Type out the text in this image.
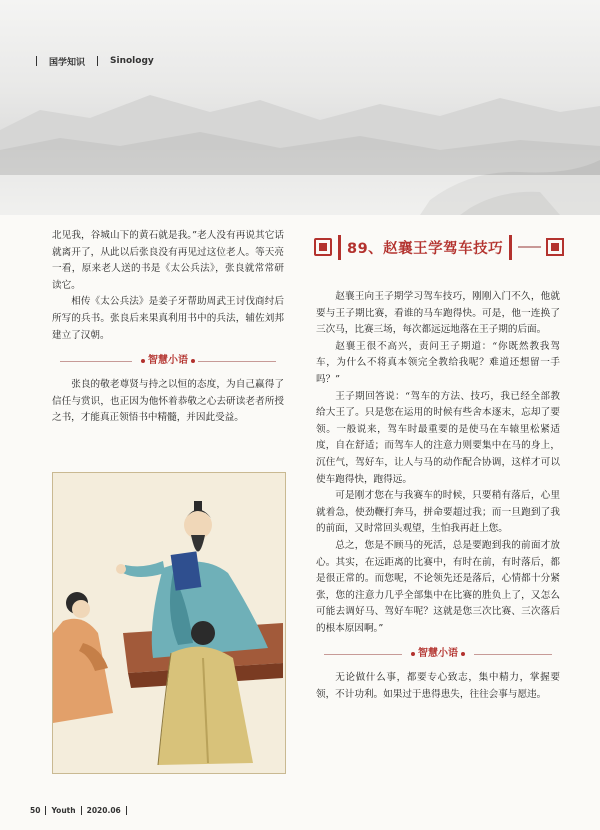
国学知识	Sinology

北见我，谷城山下的黄石就是我。”老人没有再说其它话就离开了，从此以后张良没有再见过这位老人。等天亮一看，原来老人送的书是《太公兵法》，张良就常常研读它。

相传《太公兵法》是姜子牙帮助周武王讨伐商纣后所写的兵书。张良后来果真利用书中的兵法，辅佐刘邦建立了汉朝。

智慧小语

张良的敬老尊贤与持之以恒的态度，为自己赢得了信任与赏识，也正因为他怀着恭敬之心去研读老者所授之书，才能真正领悟书中精髓，并因此受益。

89、赵襄王学驾车技巧

赵襄王向王子期学习驾车技巧，刚刚入门不久，他就要与王子期比赛，看谁的马车跑得快。可是，他一连换了三次马，比赛三场，每次都远远地落在王子期的后面。

赵襄王很不高兴，责问王子期道：“你既然教我驾车，为什么不将真本领完全教给我呢？难道还想留一手吗？”

王子期回答说：“驾车的方法、技巧，我已经全部教给大王了。只是您在运用的时候有些舍本逐末，忘却了要领。一般说来，驾车时最重要的是使马在车辕里松紧适度，自在舒适；而驾车人的注意力则要集中在马的身上，沉住气，驾好车，让人与马的动作配合协调，这样才可以使车跑得快，跑得远。

可是刚才您在与我赛车的时候，只要稍有落后，心里就着急，使劲鞭打奔马，拼命要超过我；而一旦跑到了我的前面，又时常回头观望，生怕我再赶上您。

总之，您是不顾马的死活，总是要跑到我的前面才放心。其实，在远距离的比赛中，有时在前，有时落后，都是很正常的。而您呢，不论领先还是落后，心情都十分紧张，您的注意力几乎全部集中在比赛的胜负上了，又怎么可能去调好马、驾好车呢？这就是您三次比赛、三次落后的根本原因啊。”

智慧小语

无论做什么事，都要专心致志，集中精力，掌握要领，不计功利。如果过于患得患失，往往会事与愿违。

50 Youth 2020.06
